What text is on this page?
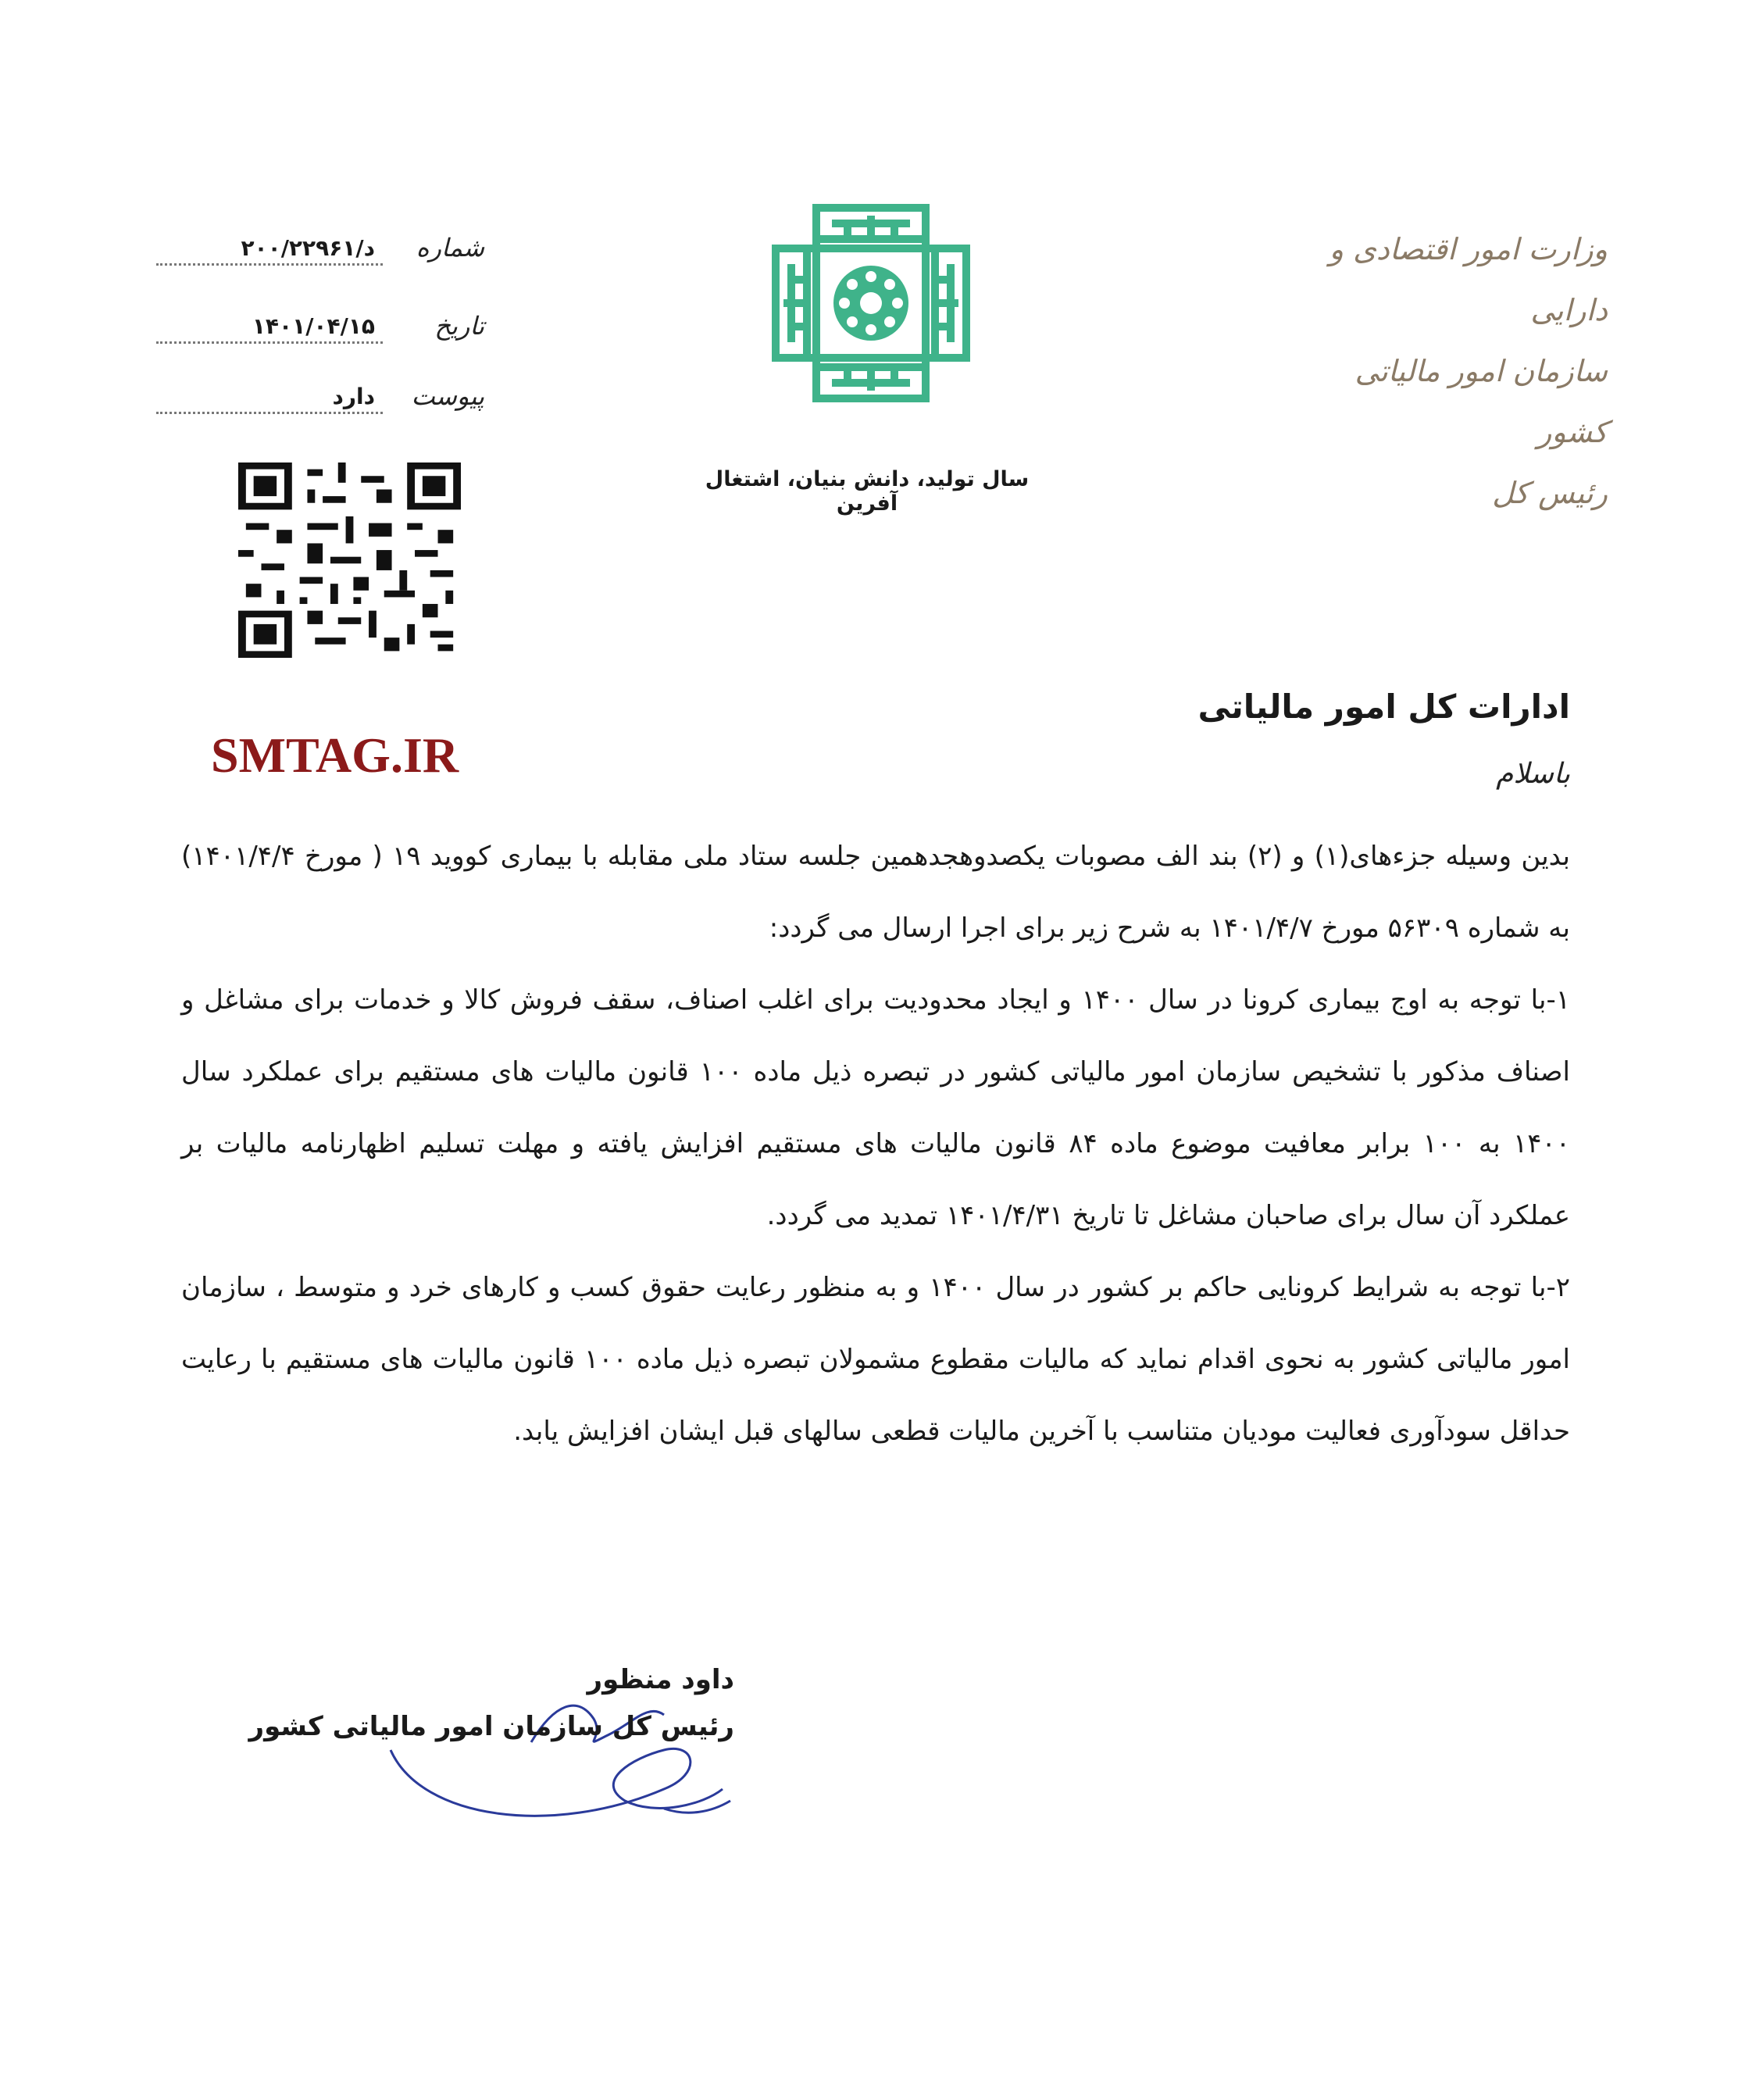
وزارت امور اقتصادی و دارایی
سازمان امور مالیاتی کشور
رئیس کل
سال تولید، دانش بنیان، اشتغال آفرین
شماره
د/۲۰۰/۲۲۹۶۱
تاریخ
۱۴۰۱/۰۴/۱۵
پیوست
دارد
SMTAG.IR
ادارات کل امور مالیاتی
باسلام

بدین وسیله جزءهای(۱) و (۲) بند الف مصوبات یکصدوهجدهمین جلسه ستاد ملی مقابله با بیماری کووید ۱۹ ( مورخ ۱۴۰۱/۴/۴) به شماره ۵۶۳۰۹ مورخ ۱۴۰۱/۴/۷ به شرح زیر برای اجرا ارسال می گردد:

۱-با توجه به اوج بیماری کرونا در سال ۱۴۰۰ و ایجاد محدودیت برای اغلب اصناف، سقف فروش کالا و خدمات برای مشاغل و اصناف مذکور با تشخیص سازمان امور مالیاتی کشور در تبصره ذیل ماده ۱۰۰ قانون مالیات های مستقیم برای عملکرد سال ۱۴۰۰ به ۱۰۰ برابر معافیت موضوع ماده ۸۴ قانون مالیات های مستقیم افزایش یافته و مهلت تسلیم اظهارنامه مالیات بر عملکرد آن سال برای صاحبان مشاغل تا تاریخ ۱۴۰۱/۴/۳۱ تمدید می گردد.

۲-با توجه به شرایط کرونایی حاکم بر کشور در سال ۱۴۰۰ و به منظور رعایت حقوق کسب و کارهای خرد و متوسط ، سازمان امور مالیاتی کشور به نحوی اقدام نماید که مالیات مقطوع مشمولان تبصره ذیل ماده ۱۰۰ قانون مالیات های مستقیم با رعایت حداقل سودآوری فعالیت مودیان متناسب با آخرین مالیات قطعی سالهای قبل ایشان افزایش یابد.

داود منظور
رئیس کل سازمان امور مالیاتی کشور
